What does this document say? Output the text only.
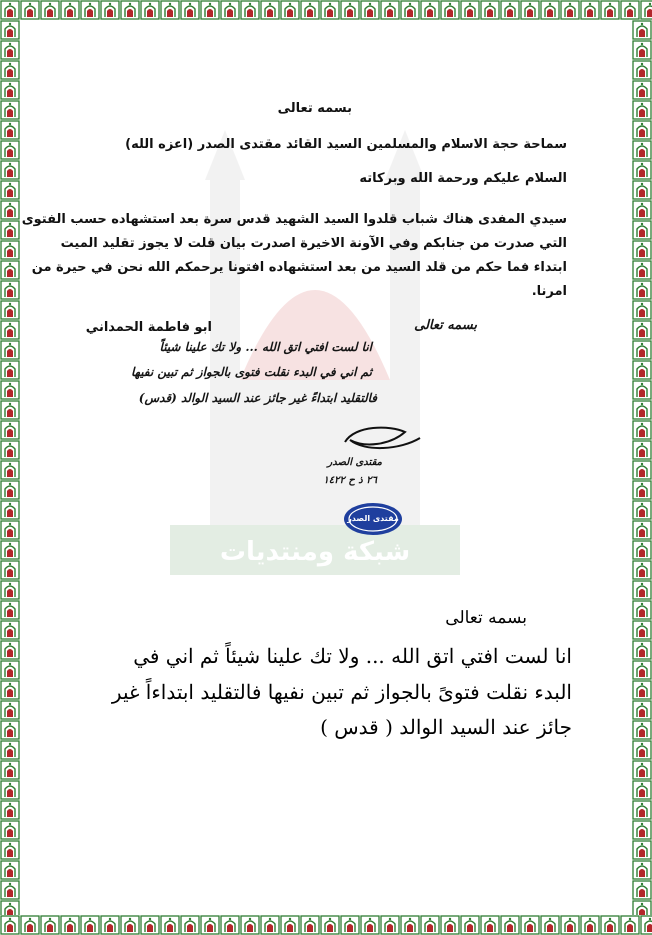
شبكة ومنتديات

بسمه تعالى

سماحة حجة الاسلام والمسلمين السيد القائد مقتدى الصدر (اعزه الله)

السلام عليكم ورحمة الله وبركاته

سيدي المفدى هناك شباب قلدوا السيد الشهيد قدس سرة بعد استشهاده حسب الفتوى

التي صدرت من جنابكم وفي الآونة الاخيرة اصدرت بيان قلت لا يجوز تقليد الميت

ابتداء فما حكم من قلد السيد من بعد استشهاده افتونا يرحمكم الله نحن في حيرة من

امرنا.

ابو فاطمة الحمداني	بسمه تعالى
انا لست افتي اتق الله ... ولا تك علينا شيئاً
ثم اني في البدء نقلت فتوى بالجواز ثم تبين نفيها
فالتقليد ابتداءً غير جائز عند السيد الوالد (قدس)
مقتدى الصدر
٢٦ ذ ح ١٤٢٢
مقتدى الصدر
بسمه تعالى
انا لست افتي اتق الله ... ولا تك علينا شيئاً ثم اني في
البدء نقلت فتوىً بالجواز ثم تبين نفيها فالتقليد ابتداءاً غير
جائز عند السيد الوالد ( قدس )
